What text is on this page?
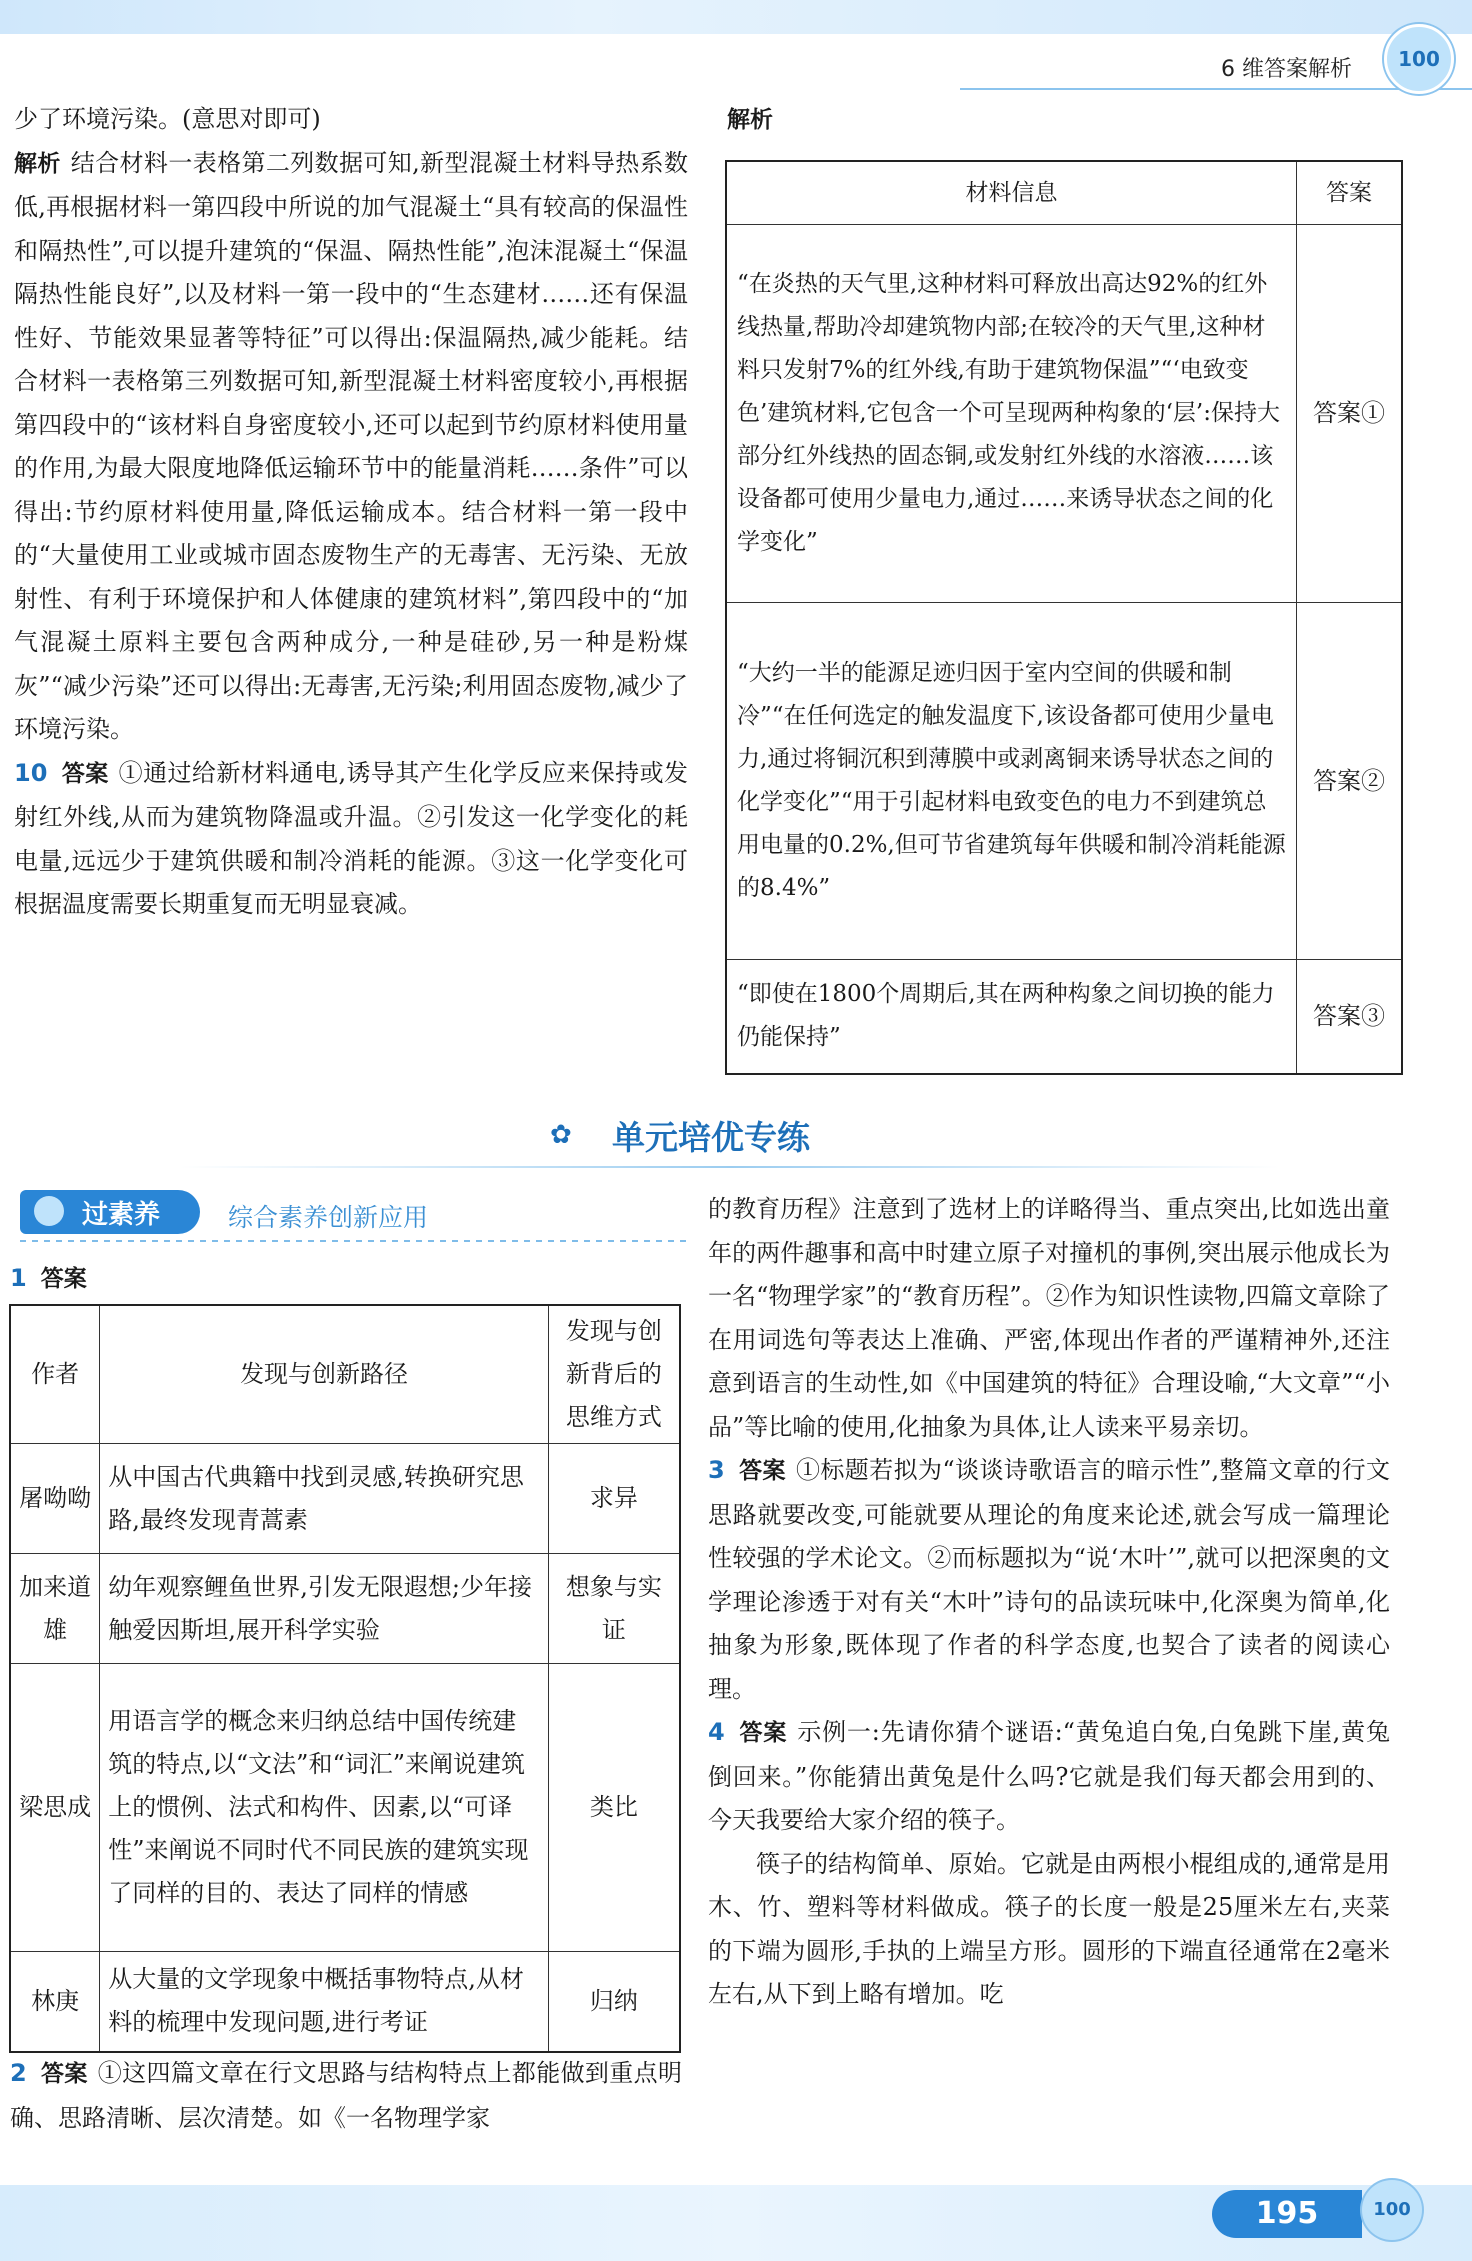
6 维答案解析	100

少了环境污染。(意思对即可)

解析 结合材料一表格第二列数据可知,新型混凝土材料导热系数低,再根据材料一第四段中所说的加气混凝土“具有较高的保温性和隔热性”,可以提升建筑的“保温、隔热性能”,泡沫混凝土“保温隔热性能良好”,以及材料一第一段中的“生态建材……还有保温性好、节能效果显著等特征”可以得出:保温隔热,减少能耗。结合材料一表格第三列数据可知,新型混凝土材料密度较小,再根据第四段中的“该材料自身密度较小,还可以起到节约原材料使用量的作用,为最大限度地降低运输环节中的能量消耗……条件”可以得出:节约原材料使用量,降低运输成本。结合材料一第一段中的“大量使用工业或城市固态废物生产的无毒害、无污染、无放射性、有利于环境保护和人体健康的建筑材料”,第四段中的“加气混凝土原料主要包含两种成分,一种是硅砂,另一种是粉煤灰”“减少污染”还可以得出:无毒害,无污染;利用固态废物,减少了环境污染。

10 答案 ①通过给新材料通电,诱导其产生化学反应来保持或发射红外线,从而为建筑物降温或升温。②引发这一化学变化的耗电量,远远少于建筑供暖和制冷消耗的能源。③这一化学变化可根据温度需要长期重复而无明显衰减。

解析
材料信息	答案
“在炎热的天气里,这种材料可释放出高达92%的红外线热量,帮助冷却建筑物内部;在较冷的天气里,这种材料只发射7%的红外线,有助于建筑物保温”“‘电致变色’建筑材料,它包含一个可呈现两种构象的‘层’:保持大部分红外线热的固态铜,或发射红外线的水溶液……该设备都可使用少量电力,通过……来诱导状态之间的化学变化”	答案①
“大约一半的能源足迹归因于室内空间的供暖和制冷”“在任何选定的触发温度下,该设备都可使用少量电力,通过将铜沉积到薄膜中或剥离铜来诱导状态之间的化学变化”“用于引起材料电致变色的电力不到建筑总用电量的0.2%,但可节省建筑每年供暖和制冷消耗能源的8.4%”	答案②
“即使在1800个周期后,其在两种构象之间切换的能力仍能保持”	答案③
✿ 单元培优专练
过素养	综合素养创新应用
1 答案
作者	发现与创新路径	发现与创新背后的思维方式
屠呦呦	从中国古代典籍中找到灵感,转换研究思路,最终发现青蒿素	求异
加来道雄	幼年观察鲤鱼世界,引发无限遐想;少年接触爱因斯坦,展开科学实验	想象与实证
梁思成	用语言学的概念来归纳总结中国传统建筑的特点,以“文法”和“词汇”来阐说建筑上的惯例、法式和构件、因素,以“可译性”来阐说不同时代不同民族的建筑实现了同样的目的、表达了同样的情感	类比
林庚	从大量的文学现象中概括事物特点,从材料的梳理中发现问题,进行考证	归纳

2 答案 ①这四篇文章在行文思路与结构特点上都能做到重点明确、思路清晰、层次清楚。如《一名物理学家

的教育历程》注意到了选材上的详略得当、重点突出,比如选出童年的两件趣事和高中时建立原子对撞机的事例,突出展示他成长为一名“物理学家”的“教育历程”。②作为知识性读物,四篇文章除了在用词选句等表达上准确、严密,体现出作者的严谨精神外,还注意到语言的生动性,如《中国建筑的特征》合理设喻,“大文章”“小品”等比喻的使用,化抽象为具体,让人读来平易亲切。

3 答案 ①标题若拟为“谈谈诗歌语言的暗示性”,整篇文章的行文思路就要改变,可能就要从理论的角度来论述,就会写成一篇理论性较强的学术论文。②而标题拟为“说‘木叶’”,就可以把深奥的文学理论渗透于对有关“木叶”诗句的品读玩味中,化深奥为简单,化抽象为形象,既体现了作者的科学态度,也契合了读者的阅读心理。

4 答案 示例一:先请你猜个谜语:“黄兔追白兔,白兔跳下崖,黄兔倒回来。”你能猜出黄兔是什么吗?它就是我们每天都会用到的、今天我要给大家介绍的筷子。

筷子的结构简单、原始。它就是由两根小棍组成的,通常是用木、竹、塑料等材料做成。筷子的长度一般是25厘米左右,夹菜的下端为圆形,手执的上端呈方形。圆形的下端直径通常在2毫米左右,从下到上略有增加。吃

195	100
